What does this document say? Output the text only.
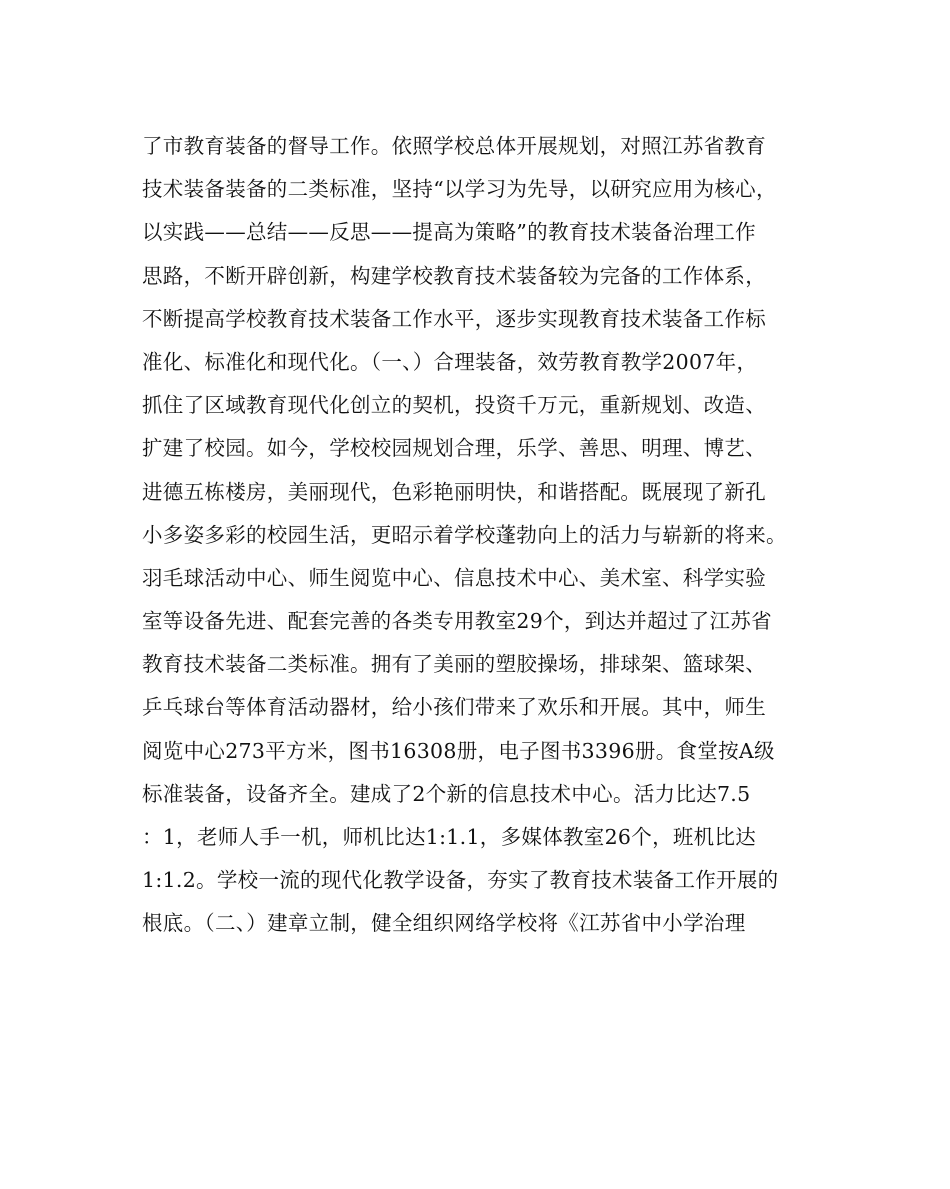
了市教育装备的督导工作。依照学校总体开展规划，对照江苏省教育
技术装备装备的二类标准，坚持“以学习为先导，以研究应用为核心，
以实践——总结——反思——提高为策略”的教育技术装备治理工作
思路，不断开辟创新，构建学校教育技术装备较为完备的工作体系，
不断提高学校教育技术装备工作水平，逐步实现教育技术装备工作标
准化、标准化和现代化。（一、）合理装备，效劳教育教学2007年，
抓住了区域教育现代化创立的契机，投资千万元，重新规划、改造、
扩建了校园。如今，学校校园规划合理，乐学、善思、明理、博艺、
进德五栋楼房，美丽现代，色彩艳丽明快，和谐搭配。既展现了新孔
小多姿多彩的校园生活，更昭示着学校蓬勃向上的活力与崭新的将来。
羽毛球活动中心、师生阅览中心、信息技术中心、美术室、科学实验
室等设备先进、配套完善的各类专用教室29个，到达并超过了江苏省
教育技术装备二类标准。拥有了美丽的塑胶操场，排球架、篮球架、
乒乓球台等体育活动器材，给小孩们带来了欢乐和开展。其中，师生
阅览中心273平方米，图书16308册，电子图书3396册。食堂按A级
标准装备，设备齐全。建成了2个新的信息技术中心。活力比达7.5
：1，老师人手一机，师机比达1:1.1，多媒体教室26个，班机比达
1:1.2。学校一流的现代化教学设备，夯实了教育技术装备工作开展的
根底。（二、）建章立制，健全组织网络学校将《江苏省中小学治理
